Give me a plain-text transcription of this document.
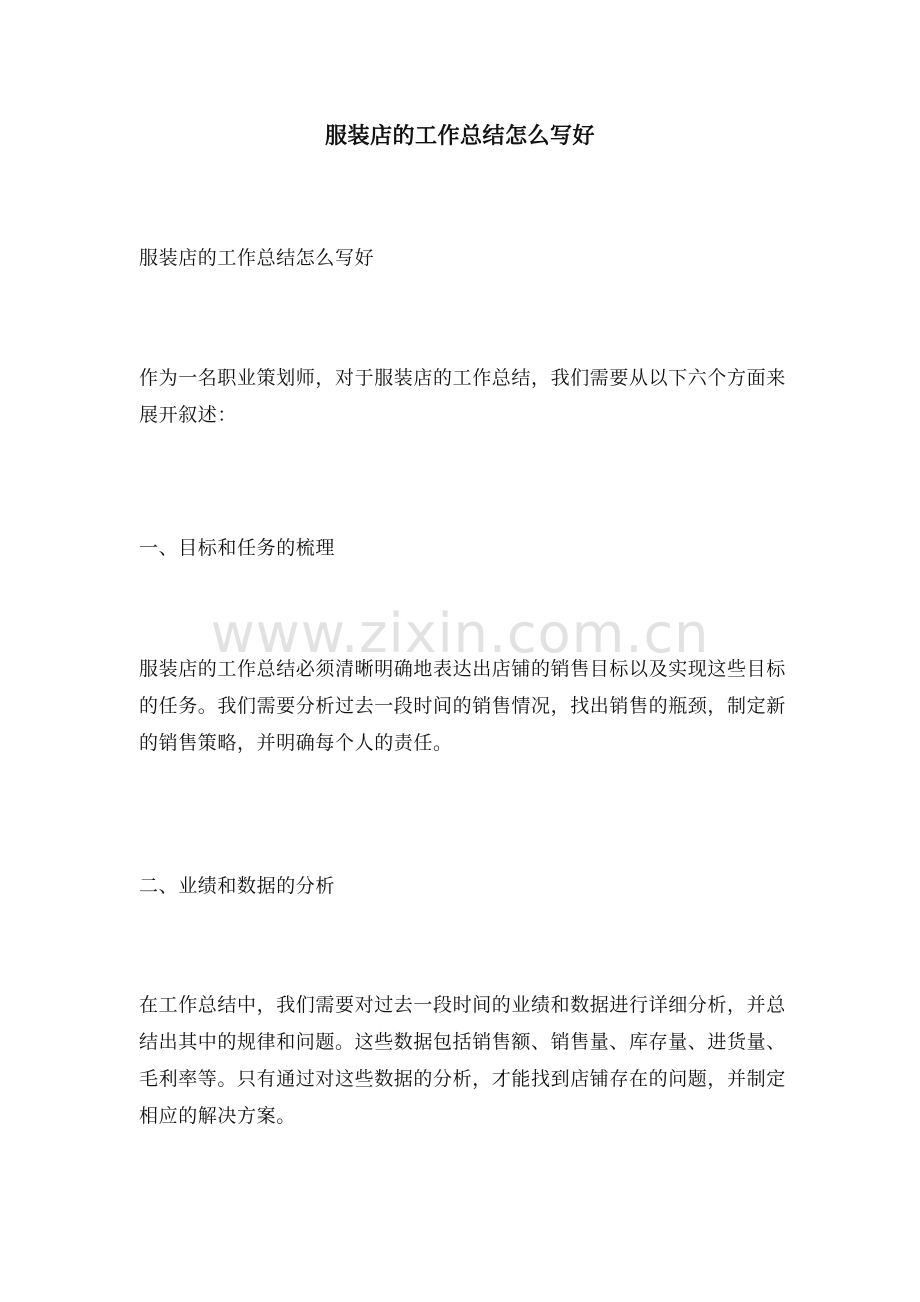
服装店的工作总结怎么写好

服装店的工作总结怎么写好

作为一名职业策划师，对于服装店的工作总结，我们需要从以下六个方面来展开叙述：

一、目标和任务的梳理

服装店的工作总结必须清晰明确地表达出店铺的销售目标以及实现这些目标的任务。我们需要分析过去一段时间的销售情况，找出销售的瓶颈，制定新的销售策略，并明确每个人的责任。

二、业绩和数据的分析

在工作总结中，我们需要对过去一段时间的业绩和数据进行详细分析，并总结出其中的规律和问题。这些数据包括销售额、销售量、库存量、进货量、毛利率等。只有通过对这些数据的分析，才能找到店铺存在的问题，并制定相应的解决方案。

www.zixin.com.cn
